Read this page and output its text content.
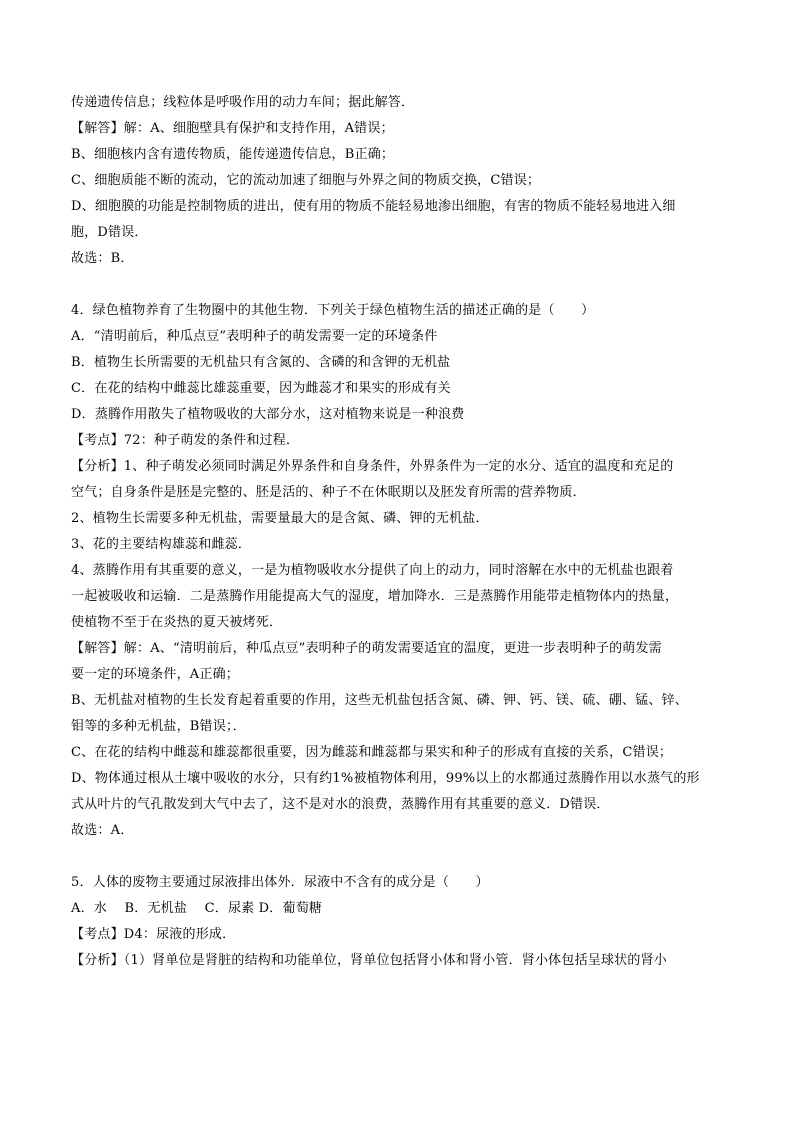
传递遗传信息；线粒体是呼吸作用的动力车间；据此解答．
【解答】解：A、细胞壁具有保护和支持作用，A错误；
B、细胞核内含有遗传物质，能传递遗传信息，B正确；
C、细胞质能不断的流动，它的流动加速了细胞与外界之间的物质交换，C错误；
D、细胞膜的功能是控制物质的进出，使有用的物质不能轻易地渗出细胞，有害的物质不能轻易地进入细
胞，D错误．
故选：B．
4．绿色植物养育了生物圈中的其他生物．下列关于绿色植物生活的描述正确的是（　　）
A．“清明前后，种瓜点豆”表明种子的萌发需要一定的环境条件
B．植物生长所需要的无机盐只有含氮的、含磷的和含钾的无机盐
C．在花的结构中雌蕊比雄蕊重要，因为雌蕊才和果实的形成有关
D．蒸腾作用散失了植物吸收的大部分水，这对植物来说是一种浪费
【考点】72：种子萌发的条件和过程．
【分析】1、种子萌发必须同时满足外界条件和自身条件，外界条件为一定的水分、适宜的温度和充足的
空气；自身条件是胚是完整的、胚是活的、种子不在休眠期以及胚发育所需的营养物质．
2、植物生长需要多种无机盐，需要量最大的是含氮、磷、钾的无机盐．
3、花的主要结构雄蕊和雌蕊．
4、蒸腾作用有其重要的意义，一是为植物吸收水分提供了向上的动力，同时溶解在水中的无机盐也跟着
一起被吸收和运输．二是蒸腾作用能提高大气的湿度，增加降水．三是蒸腾作用能带走植物体内的热量，
使植物不至于在炎热的夏天被烤死．
【解答】解：A、“清明前后，种瓜点豆”表明种子的萌发需要适宜的温度，更进一步表明种子的萌发需
要一定的环境条件，A正确；
B、无机盐对植物的生长发育起着重要的作用，这些无机盐包括含氮、磷、钾、钙、镁、硫、硼、锰、锌、
钼等的多种无机盐，B错误；．
C、在花的结构中雌蕊和雄蕊都很重要，因为雌蕊和雌蕊都与果实和种子的形成有直接的关系，C错误；
D、物体通过根从土壤中吸收的水分，只有约1%被植物体利用，99%以上的水都通过蒸腾作用以水蒸气的形
式从叶片的气孔散发到大气中去了，这不是对水的浪费，蒸腾作用有其重要的意义．D错误．
故选：A．
5．人体的废物主要通过尿液排出体外．尿液中不含有的成分是（　　）
A．水　 B．无机盐　 C．尿素 D．葡萄糖
【考点】D4：尿液的形成．
【分析】（1）肾单位是肾脏的结构和功能单位，肾单位包括肾小体和肾小管．肾小体包括呈球状的肾小
